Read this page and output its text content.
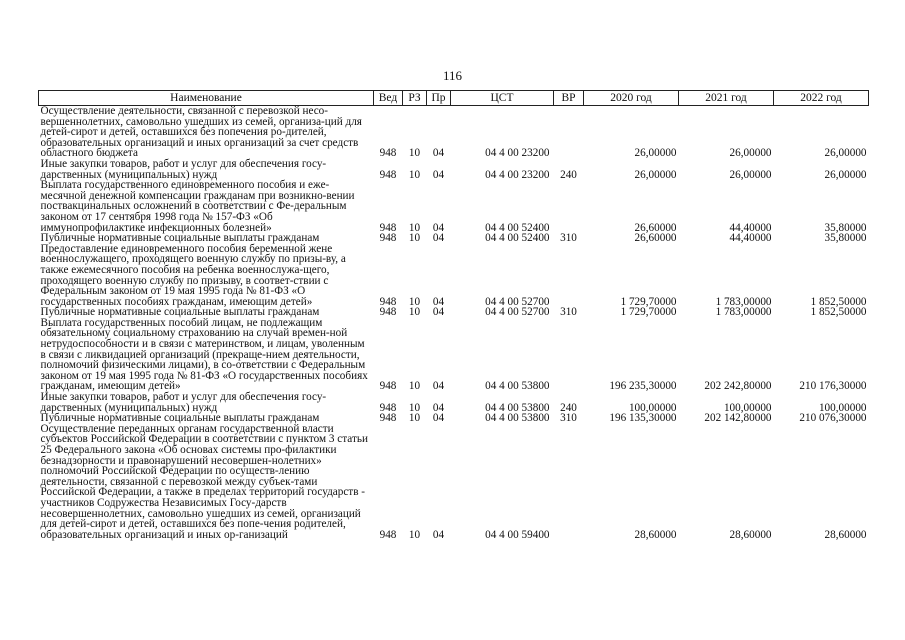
116
Наименование	Вед	РЗ	Пр	ЦСТ	ВР	2020 год	2021 год	2022 год
Осуществление деятельности, связанной с перевозкой несо-вершеннолетних, самовольно ушедших из семей, организа-ций для детей-сирот и детей, оставшихся без попечения ро-дителей, образовательных организаций и иных организаций за счет средств областного бюджета	948	10	04	04 4 00 23200		26,00000	26,00000	26,00000
Иные закупки товаров, работ и услуг для обеспечения госу-дарственных (муниципальных) нужд	948	10	04	04 4 00 23200	240	26,00000	26,00000	26,00000
Выплата государственного единовременного пособия и еже-месячной денежной компенсации гражданам при возникно-вении поствакцинальных осложнений в соответствии с Фе-деральным законом от 17 сентября 1998 года № 157-ФЗ «Об иммунопрофилактике инфекционных болезней»	948	10	04	04 4 00 52400		26,60000	44,40000	35,80000
Публичные нормативные социальные выплаты гражданам	948	10	04	04 4 00 52400	310	26,60000	44,40000	35,80000
Предоставление единовременного пособия беременной жене военнослужащего, проходящего военную службу по призы-ву, а также ежемесячного пособия на ребенка военнослужа-щего, проходящего военную службу по призыву, в соответ-ствии с Федеральным законом от 19 мая 1995 года № 81-ФЗ «О государственных пособиях гражданам, имеющим детей»	948	10	04	04 4 00 52700		1 729,70000	1 783,00000	1 852,50000
Публичные нормативные социальные выплаты гражданам	948	10	04	04 4 00 52700	310	1 729,70000	1 783,00000	1 852,50000
Выплата государственных пособий лицам, не подлежащим обязательному социальному страхованию на случай времен-ной нетрудоспособности и в связи с материнством, и лицам, уволенным в связи с ликвидацией организаций (прекраще-нием деятельности, полномочий физическими лицами), в со-ответствии с Федеральным законом от 19 мая 1995 года № 81-ФЗ «О государственных пособиях гражданам, имеющим детей»	948	10	04	04 4 00 53800		196 235,30000	202 242,80000	210 176,30000
Иные закупки товаров, работ и услуг для обеспечения госу-дарственных (муниципальных) нужд	948	10	04	04 4 00 53800	240	100,00000	100,00000	100,00000
Публичные нормативные социальные выплаты гражданам	948	10	04	04 4 00 53800	310	196 135,30000	202 142,80000	210 076,30000
Осуществление переданных органам государственной власти субъектов Российской Федерации в соответствии с пунктом 3 статьи 25 Федерального закона «Об основах системы про-филактики безнадзорности и правонарушений несовершен-нолетних» полномочий Российской Федерации по осуществ-лению деятельности, связанной с перевозкой между субъек-тами Российской Федерации, а также в пределах территорий государств - участников Содружества Независимых Госу-дарств несовершеннолетних, самовольно ушедших из семей, организаций для детей-сирот и детей, оставшихся без попе-чения родителей, образовательных организаций и иных ор-ганизаций	948	10	04	04 4 00 59400		28,60000	28,60000	28,60000
